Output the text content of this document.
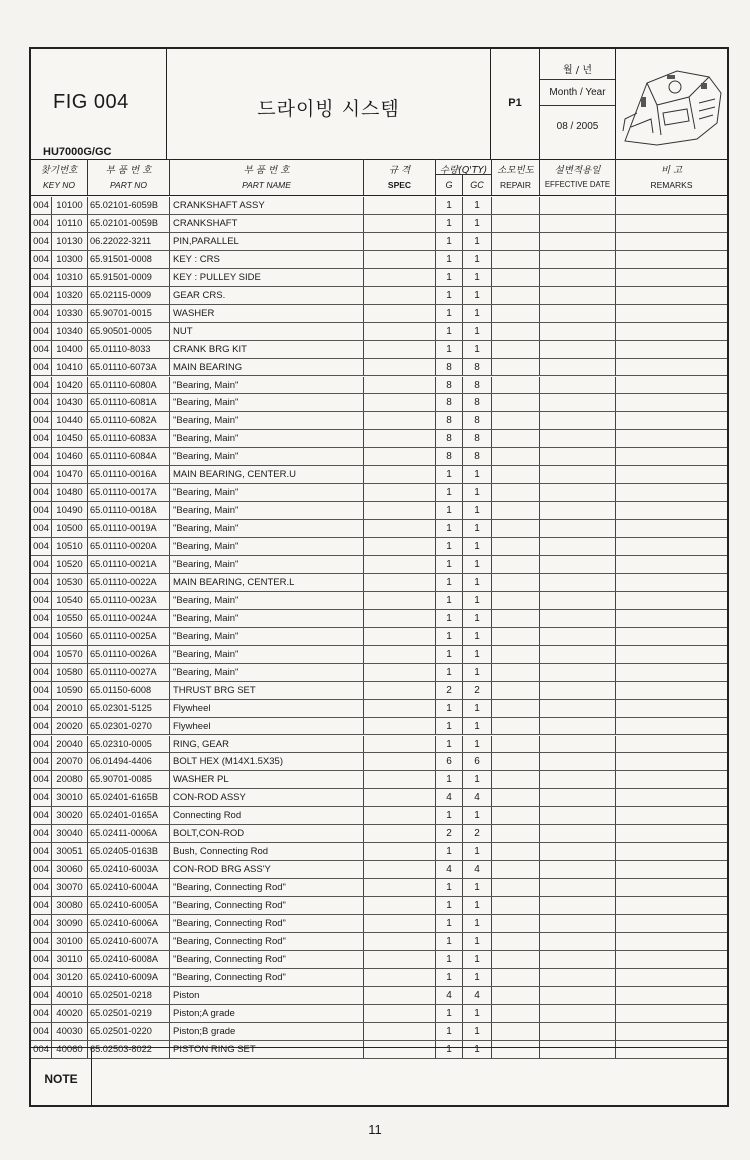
FIG 004
HU7000G/GC
드라이빙 시스템	P1
월 / 년
Month / Year
08 / 2005
찾기번호
KEY NO
부 품 번 호
PART NO
부 품 번 호
PART NAME
규 격
SPEC
수량(Q'TY)
G	GC
소모빈도
REPAIR
설변적용일
EFFECTIVE DATE
비 고
REMARKS
004 10100 65.02101-6059B	CRANKSHAFT ASSY	1	1
004 10110 65.02101-0059B	CRANKSHAFT	1	1
004 10130 06.22022-3211	PIN,PARALLEL	1	1
004 10300 65.91501-0008	KEY : CRS	1	1
004 10310 65.91501-0009	KEY : PULLEY SIDE	1	1
004 10320 65.02115-0009	GEAR CRS.	1	1
004 10330 65.90701-0015	WASHER	1	1
004 10340 65.90501-0005	NUT	1	1
004 10400 65.01110-8033	CRANK BRG KIT	1	1
004 10410 65.01110-6073A	MAIN BEARING	8	8
004 10420 65.01110-6080A	"Bearing, Main"	8	8
004 10430 65.01110-6081A	"Bearing, Main"	8	8
004 10440 65.01110-6082A	"Bearing, Main"	8	8
004 10450 65.01110-6083A	"Bearing, Main"	8	8
004 10460 65.01110-6084A	"Bearing, Main"	8	8
004 10470 65.01110-0016A	MAIN BEARING, CENTER.U	1	1
004 10480 65.01110-0017A	"Bearing, Main"	1	1
004 10490 65.01110-0018A	"Bearing, Main"	1	1
004 10500 65.01110-0019A	"Bearing, Main"	1	1
004 10510 65.01110-0020A	"Bearing, Main"	1	1
004 10520 65.01110-0021A	"Bearing, Main"	1	1
004 10530 65.01110-0022A	MAIN BEARING, CENTER.L	1	1
004 10540 65.01110-0023A	"Bearing, Main"	1	1
004 10550 65.01110-0024A	"Bearing, Main"	1	1
004 10560 65.01110-0025A	"Bearing, Main"	1	1
004 10570 65.01110-0026A	"Bearing, Main"	1	1
004 10580 65.01110-0027A	"Bearing, Main"	1	1
004 10590 65.01150-6008	THRUST BRG SET	2	2
004 20010 65.02301-5125	Flywheel	1	1
004 20020 65.02301-0270	Flywheel	1	1
004 20040 65.02310-0005	RING, GEAR	1	1
004 20070 06.01494-4406	BOLT HEX (M14X1.5X35)	6	6
004 20080 65.90701-0085	WASHER PL	1	1
004 30010 65.02401-6165B	CON-ROD ASSY	4	4
004 30020 65.02401-0165A	Connecting Rod	1	1
004 30040 65.02411-0006A	BOLT,CON-ROD	2	2
004 30051 65.02405-0163B	Bush, Connecting Rod	1	1
004 30060 65.02410-6003A	CON-ROD BRG ASS'Y	4	4
004 30070 65.02410-6004A	"Bearing, Connecting Rod"	1	1
004 30080 65.02410-6005A	"Bearing, Connecting Rod"	1	1
004 30090 65.02410-6006A	"Bearing, Connecting Rod"	1	1
004 30100 65.02410-6007A	"Bearing, Connecting Rod"	1	1
004 30110 65.02410-6008A	"Bearing, Connecting Rod"	1	1
004 30120 65.02410-6009A	"Bearing, Connecting Rod"	1	1
004 40010 65.02501-0218	Piston	4	4
004 40020 65.02501-0219	Piston;A grade	1	1
004 40030 65.02501-0220	Piston;B grade	1	1
004 40060 65.02503-8022	PISTON RING SET	1	1
NOTE
11
